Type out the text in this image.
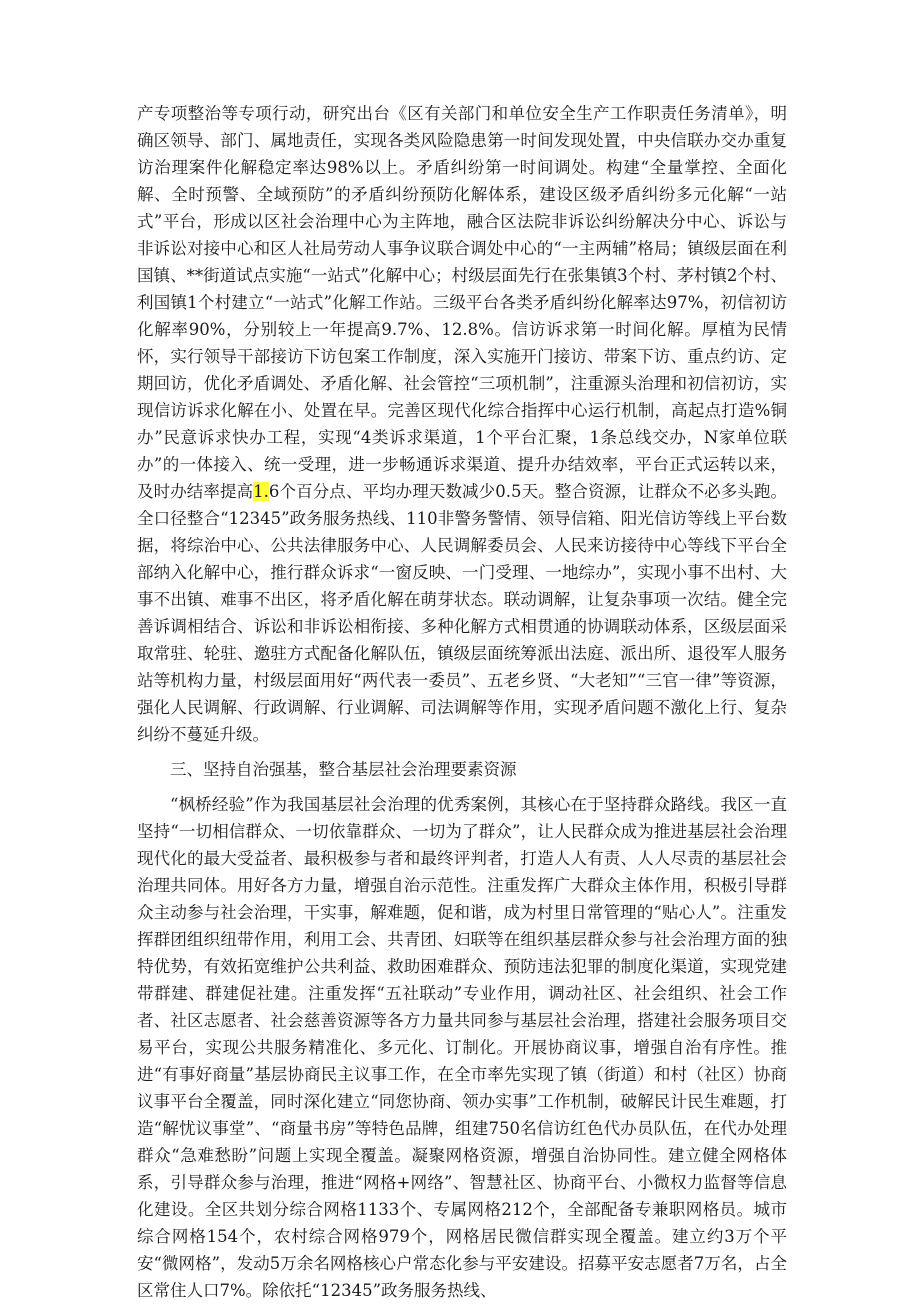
产专项整治等专项行动，研究出台《区有关部门和单位安全生产工作职责任务清单》，明确区领导、部门、属地责任，实现各类风险隐患第一时间发现处置，中央信联办交办重复访治理案件化解稳定率达98%以上。矛盾纠纷第一时间调处。构建“全量掌控、全面化解、全时预警、全域预防”的矛盾纠纷预防化解体系，建设区级矛盾纠纷多元化解“一站式”平台，形成以区社会治理中心为主阵地，融合区法院非诉讼纠纷解决分中心、诉讼与非诉讼对接中心和区人社局劳动人事争议联合调处中心的“一主两辅”格局；镇级层面在利国镇、**街道试点实施“一站式”化解中心；村级层面先行在张集镇3个村、茅村镇2个村、利国镇1个村建立“一站式”化解工作站。三级平台各类矛盾纠纷化解率达97%，初信初访化解率90%，分别较上一年提高9.7%、12.8%。信访诉求第一时间化解。厚植为民情怀，实行领导干部接访下访包案工作制度，深入实施开门接访、带案下访、重点约访、定期回访，优化矛盾调处、矛盾化解、社会管控“三项机制”，注重源头治理和初信初访，实现信访诉求化解在小、处置在早。完善区现代化综合指挥中心运行机制，高起点打造%铜办”民意诉求快办工程，实现“4类诉求渠道，1个平台汇聚，1条总线交办，N家单位联办”的一体接入、统一受理，进一步畅通诉求渠道、提升办结效率，平台正式运转以来，及时办结率提高1.6个百分点、平均办理天数减少0.5天。整合资源，让群众不必多头跑。全口径整合“12345”政务服务热线、110非警务警情、领导信箱、阳光信访等线上平台数据，将综治中心、公共法律服务中心、人民调解委员会、人民来访接待中心等线下平台全部纳入化解中心，推行群众诉求“一窗反映、一门受理、一地综办”，实现小事不出村、大事不出镇、难事不出区，将矛盾化解在萌芽状态。联动调解，让复杂事项一次结。健全完善诉调相结合、诉讼和非诉讼相衔接、多种化解方式相贯通的协调联动体系，区级层面采取常驻、轮驻、邀驻方式配备化解队伍，镇级层面统筹派出法庭、派出所、退役军人服务站等机构力量，村级层面用好“两代表一委员”、五老乡贤、“大老知”“三官一律”等资源，强化人民调解、行政调解、行业调解、司法调解等作用，实现矛盾问题不激化上行、复杂纠纷不蔓延升级。

三、坚持自治强基，整合基层社会治理要素资源

“枫桥经验”作为我国基层社会治理的优秀案例，其核心在于坚持群众路线。我区一直坚持“一切相信群众、一切依靠群众、一切为了群众”，让人民群众成为推进基层社会治理现代化的最大受益者、最积极参与者和最终评判者，打造人人有责、人人尽责的基层社会治理共同体。用好各方力量，增强自治示范性。注重发挥广大群众主体作用，积极引导群众主动参与社会治理，干实事，解难题，促和谐，成为村里日常管理的“贴心人”。注重发挥群团组织纽带作用，利用工会、共青团、妇联等在组织基层群众参与社会治理方面的独特优势，有效拓宽维护公共利益、救助困难群众、预防违法犯罪的制度化渠道，实现党建带群建、群建促社建。注重发挥“五社联动”专业作用，调动社区、社会组织、社会工作者、社区志愿者、社会慈善资源等各方力量共同参与基层社会治理，搭建社会服务项目交易平台，实现公共服务精准化、多元化、订制化。开展协商议事，增强自治有序性。推进“有事好商量”基层协商民主议事工作，在全市率先实现了镇（街道）和村（社区）协商议事平台全覆盖，同时深化建立“同您协商、领办实事”工作机制，破解民计民生难题，打造“解忧议事堂”、“商量书房”等特色品牌，组建750名信访红色代办员队伍，在代办处理群众“急难愁盼”问题上实现全覆盖。凝聚网格资源，增强自治协同性。建立健全网格体系，引导群众参与治理，推进“网格+网络”、智慧社区、协商平台、小微权力监督等信息化建设。全区共划分综合网格1133个、专属网格212个，全部配备专兼职网格员。城市综合网格154个，农村综合网格979个，网格居民微信群实现全覆盖。建立约3万个平安“微网格”，发动5万余名网格核心户常态化参与平安建设。招募平安志愿者7万名，占全区常住人口7%。除依托“12345”政务服务热线、
